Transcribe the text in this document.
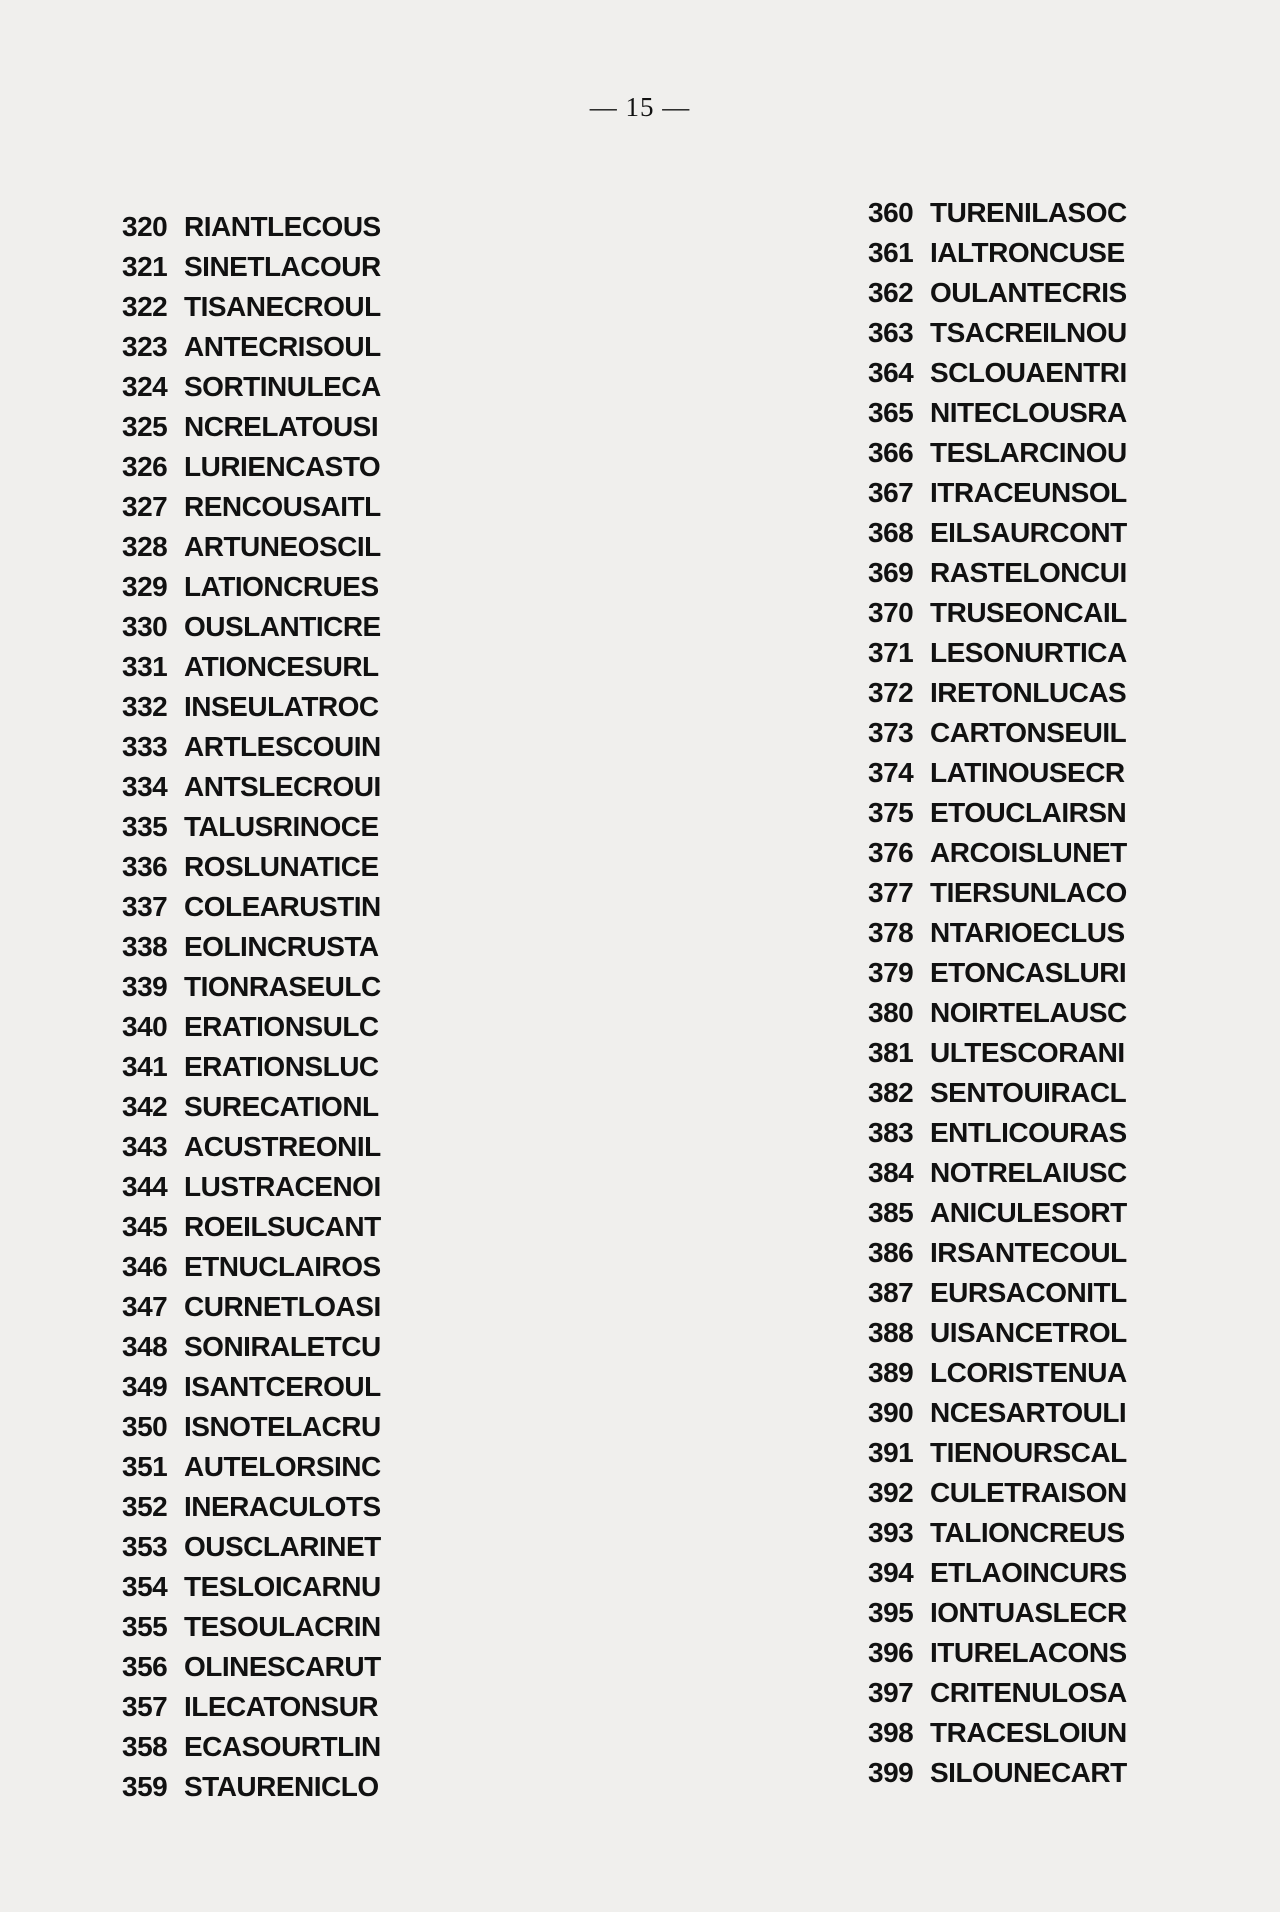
— 15 —
320 RIANTLECOUS
321 SINETLACOUR
322 TISANECROUL
323 ANTECRISOUL
324 SORTINULECA
325 NCRELATOUSI
326 LURIENCASTO
327 RENCOUSAITL
328 ARTUNEOSCIL
329 LATIONCRUES
330 OUSLANTICRE
331 ATIONCESURL
332 INSEULATROC
333 ARTLESCOUIN
334 ANTSLECROUI
335 TALUSRINOCE
336 ROSLUNATICE
337 COLEARUSTIN
338 EOLINCRUSTA
339 TIONRASEULC
340 ERATIONSULC
341 ERATIONSLUC
342 SURECATIONL
343 ACUSTREONIL
344 LUSTRACENOI
345 ROEILSUCANT
346 ETNUCLAIROS
347 CURNETLOASI
348 SONIRALETCU
349 ISANTCEROUL
350 ISNOTELACRU
351 AUTELORSINC
352 INERACULOTS
353 OUSCLARINET
354 TESLOICARNU
355 TESOULACRIN
356 OLINESCARUT
357 ILECATONSUR
358 ECASOURTLIN
359 STAURENICLO
360 TURENILASOC
361 IALTRONCUSE
362 OULANTECRIS
363 TSACREILNOU
364 SCLOUAENTRI
365 NITECLOUSRA
366 TESLARCINOU
367 ITRACEUNSOL
368 EILSAURCONT
369 RASTELONCUI
370 TRUSEONCAIL
371 LESONURTICA
372 IRETONLUCAS
373 CARTONSEUIL
374 LATINOUSECR
375 ETOUCLAIRSN
376 ARCOISLUNET
377 TIERSUNLACO
378 NTARIOECLUS
379 ETONCASLURI
380 NOIRTELAUSC
381 ULTESCORANI
382 SENTOUIRACL
383 ENTLICOURAS
384 NOTRELAIUSC
385 ANICULESORT
386 IRSANTECOUL
387 EURSACONITL
388 UISANCETROL
389 LCORISTENUA
390 NCESARTOULI
391 TIENOURSCAL
392 CULETRAISON
393 TALIONCREUS
394 ETLAOINCURS
395 IONTUASLECR
396 ITURELACONS
397 CRITENULOSA
398 TRACESLOIUN
399 SILOUNECART
